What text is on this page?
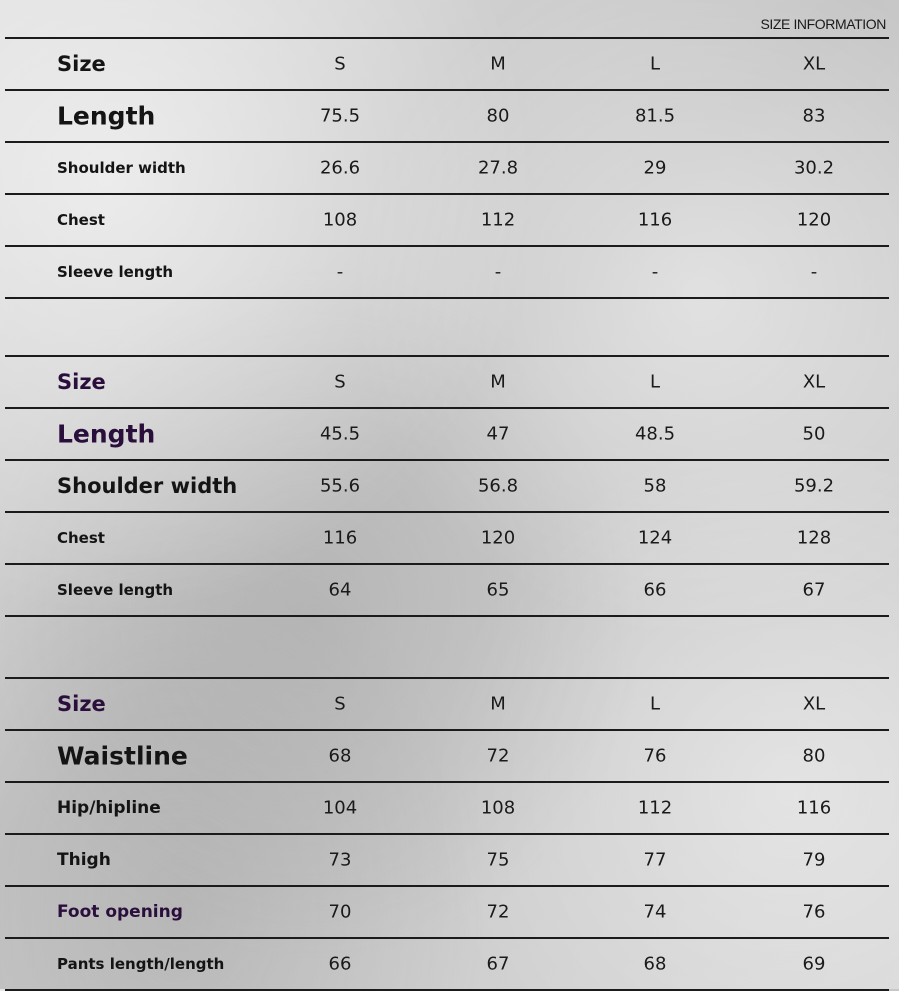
SIZE INFORMATION
Size	S	M	L	XL
Length	75.5	80	81.5	83
Shoulder width	26.6	27.8	29	30.2
Chest	108	112	116	120
Sleeve length	-	-	-	-
Size	S	M	L	XL
Length	45.5	47	48.5	50
Shoulder width	55.6	56.8	58	59.2
Chest	116	120	124	128
Sleeve length	64	65	66	67
Size	S	M	L	XL
Waistline	68	72	76	80
Hip/hipline	104	108	112	116
Thigh	73	75	77	79
Foot opening	70	72	74	76
Pants length/length	66	67	68	69
